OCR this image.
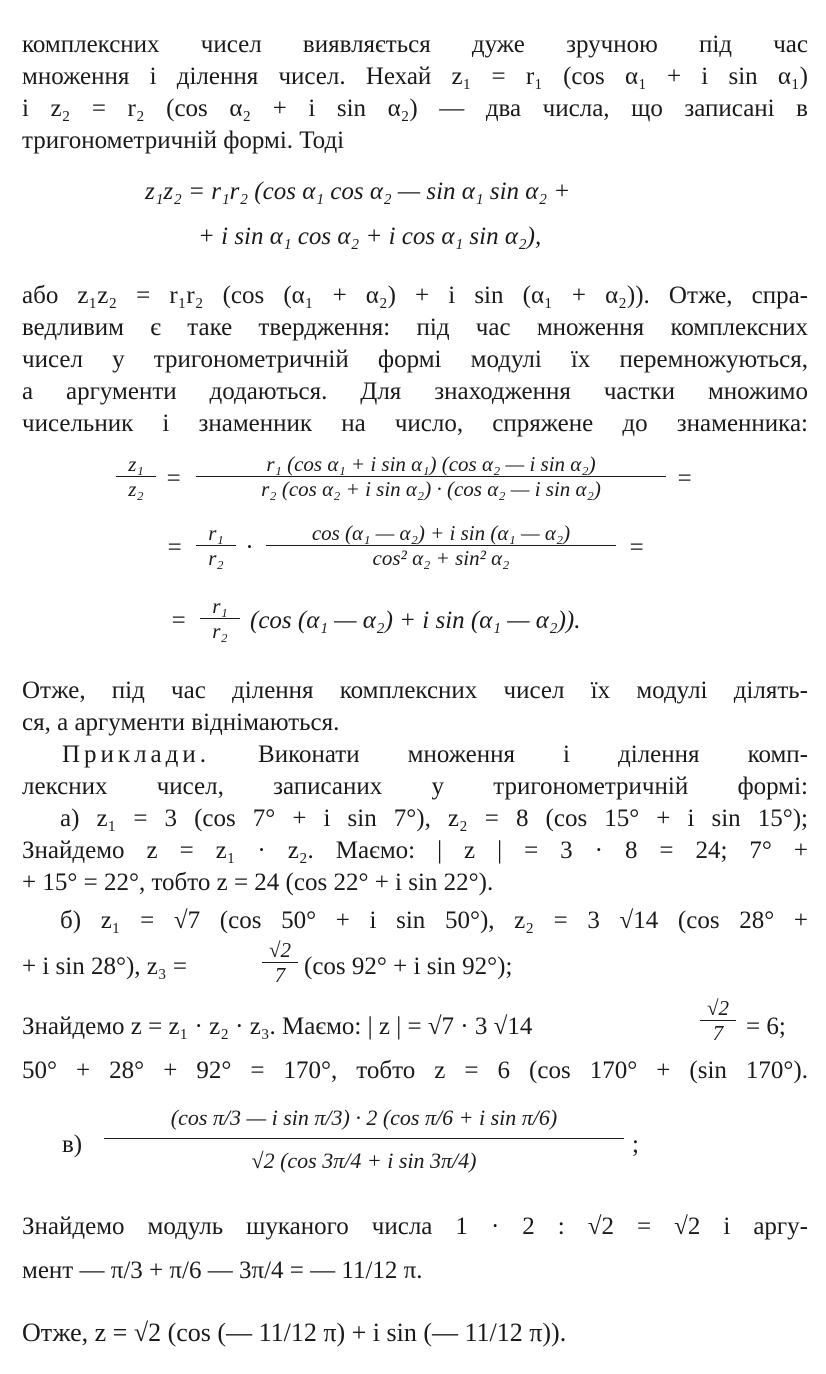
комплексних чисел виявляється дуже зручною під час
множення і ділення чисел. Нехай z₁ = r₁ (cos α₁ + i sin α₁)
і z₂ = r₂ (cos α₂ + i sin α₂) — два числа, що записані в
тригонометричній формі. Тоді
z₁z₂ = r₁r₂ (cos α₁ cos α₂ — sin α₁ sin α₂ +
+ i sin α₁ cos α₂ + i cos α₁ sin α₂),
або z₁z₂ = r₁r₂ (cos (α₁ + α₂) + i sin (α₁ + α₂)). Отже, спра-
ведливим є таке твердження: під час множення комплексних
чисел у тригонометричній формі модулі їх перемножуються,
а аргументи додаються. Для знаходження частки множимо
чисельник і знаменник на число, спряжене до знаменника:
$\frac{\text{z₁}}{\text{z₂}} = \frac{\text{r₁ (cos α₁ + i sin α₁) (cos α₂ — i sin α₂)}}{\text{r₂ (cos α₂ + i sin α₂) · (cos α₂ — i sin α₂)}}$ =
= $\frac{\text{r₁}}{\text{r₂}} \cdot \frac{\text{cos (α₁ — α₂) + i sin (α₁ — α₂)}}{\text{cos² α₂ + sin² α₂}}$ =
= $\frac{\text{r₁}}{\text{r₂}} (\cos$ (α₁ — α₂) + i sin (α₁ — α₂)).
Отже, під час ділення комплексних чисел їх модулі ділять-
ся, а аргументи віднімаються.
Приклади. Виконати множення і ділення комп-
лексних чисел, записаних у тригонометричній формі:
а) z₁ = 3 (cos 7° + i sin 7°), z₂ = 8 (cos 15° + i sin 15°);
Знайдемо z = z₁ · z₂. Маємо: | z | = 3 · 8 = 24; 7° +
+ 15° = 22°, тобто z = 24 (cos 22° + i sin 22°).
б) z₁ = √7 (cos 50° + i sin 50°), z₂ = 3 √14 (cos 28° +
+ i sin 28°), z₃ =	$\frac{√2}{7} (\cos$ 92° + i sin 92°);
Знайдемо z = z₁ · z₂ · z₃. Маємо: | z | = √7 · 3 √14	$\frac{√2}{7} = 6$;
50° + 28° + 92° = 170°, тобто z = 6 (cos 170° + (sin 170°).
$в) \frac{\text{(cos π/3 — i sin π/3) · 2 (cos π/6 + i sin π/6)}}{\text{√2 (cos 3π/4 + i sin 3π/4)}}$ ;
Знайдемо модуль шуканого числа 1 · 2 : √2 = √2 і аргу-
мент — π/3 + π/6 — 3π/4 = — 11/12 π.
Отже, z = √2 (cos (— 11/12 π) + i sin (— 11/12 π)).
